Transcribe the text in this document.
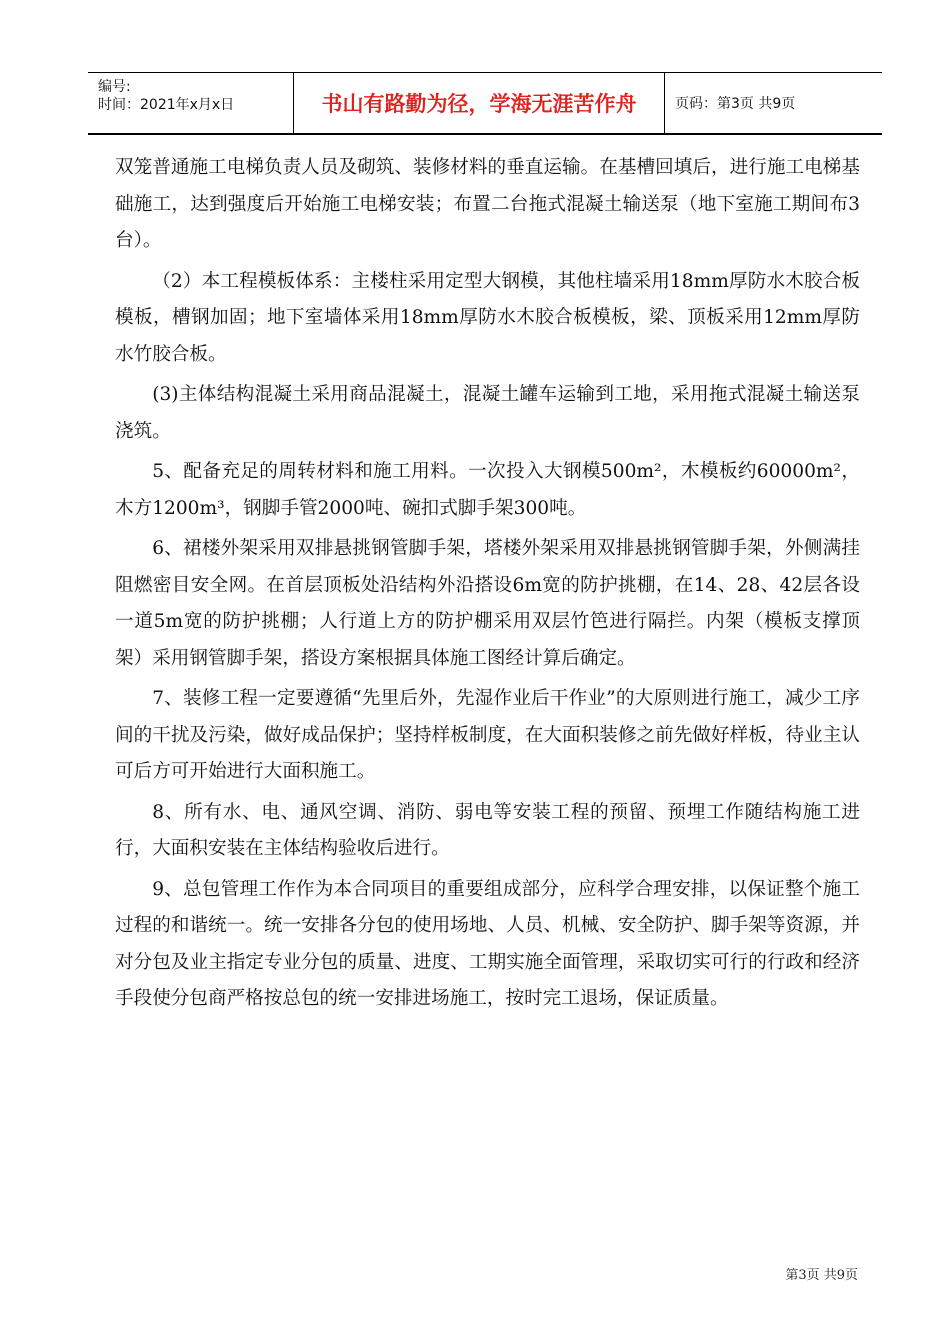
编号:
时间：2021年x月x日	书山有路勤为径，学海无涯苦作舟	页码：第3页 共9页

双笼普通施工电梯负责人员及砌筑、装修材料的垂直运输。在基槽回填后，进行施工电梯基础施工，达到强度后开始施工电梯安装；布置二台拖式混凝土输送泵（地下室施工期间布3台）。

（2）本工程模板体系：主楼柱采用定型大钢模，其他柱墙采用18mm厚防水木胶合板模板，槽钢加固；地下室墙体采用18mm厚防水木胶合板模板，梁、顶板采用12mm厚防水竹胶合板。

(3)主体结构混凝土采用商品混凝土，混凝土罐车运输到工地，采用拖式混凝土输送泵浇筑。

5、配备充足的周转材料和施工用料。一次投入大钢模500m²，木模板约60000m²，木方1200m³，钢脚手管2000吨、碗扣式脚手架300吨。

6、裙楼外架采用双排悬挑钢管脚手架，塔楼外架采用双排悬挑钢管脚手架，外侧满挂阻燃密目安全网。在首层顶板处沿结构外沿搭设6m宽的防护挑棚，在14、28、42层各设一道5m宽的防护挑棚；人行道上方的防护棚采用双层竹笆进行隔拦。内架（模板支撑顶架）采用钢管脚手架，搭设方案根据具体施工图经计算后确定。

7、装修工程一定要遵循“先里后外，先湿作业后干作业”的大原则进行施工，减少工序间的干扰及污染，做好成品保护；坚持样板制度，在大面积装修之前先做好样板，待业主认可后方可开始进行大面积施工。

8、所有水、电、通风空调、消防、弱电等安装工程的预留、预埋工作随结构施工进行，大面积安装在主体结构验收后进行。

9、总包管理工作作为本合同项目的重要组成部分，应科学合理安排，以保证整个施工过程的和谐统一。统一安排各分包的使用场地、人员、机械、安全防护、脚手架等资源，并对分包及业主指定专业分包的质量、进度、工期实施全面管理，采取切实可行的行政和经济手段使分包商严格按总包的统一安排进场施工，按时完工退场，保证质量。

第3页 共9页
